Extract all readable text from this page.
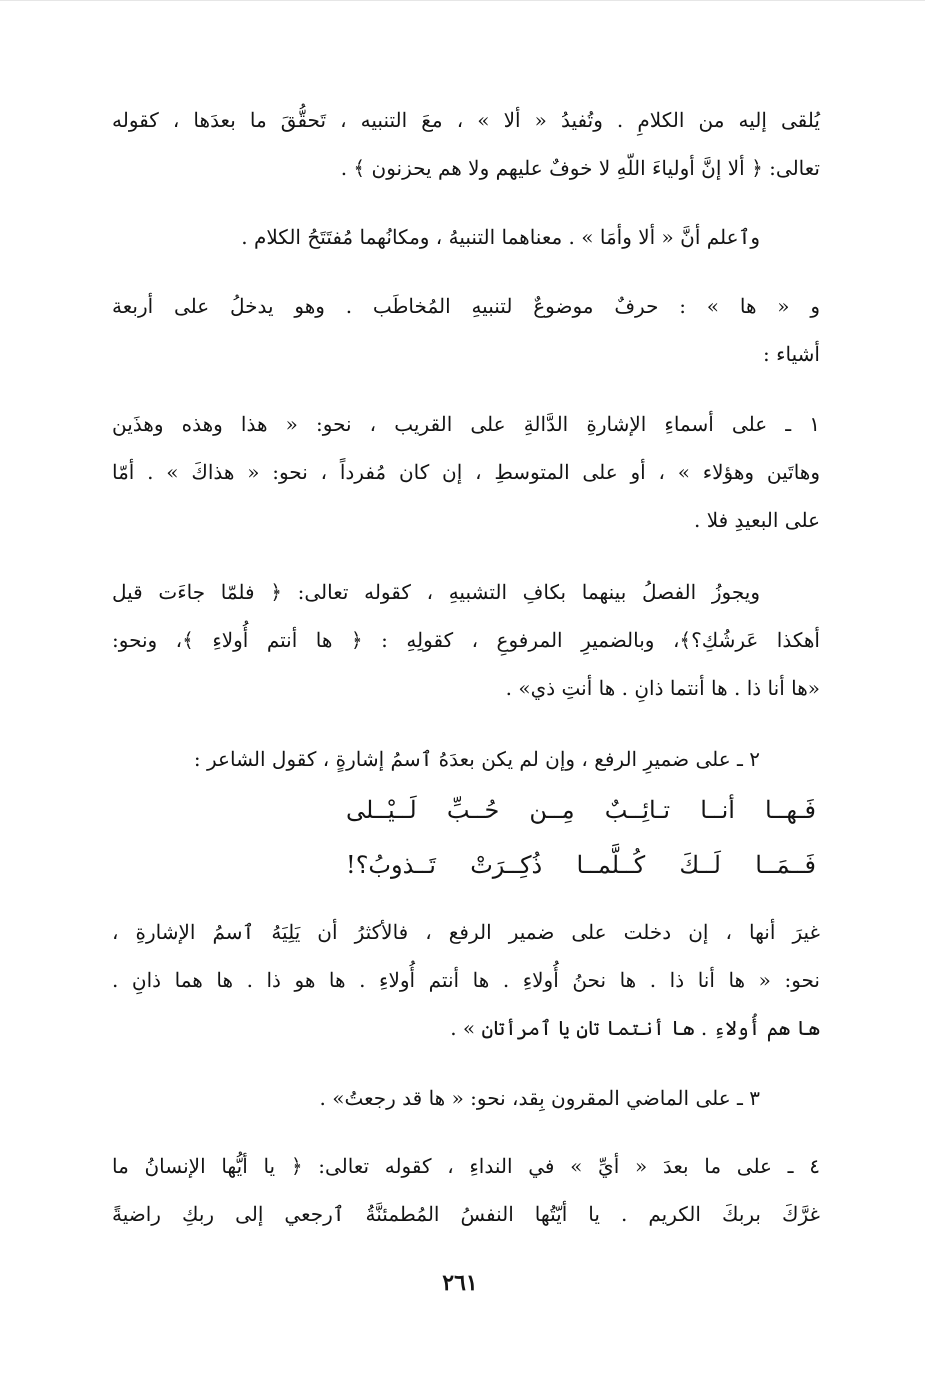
يُلقى إليه من الكلامِ . وتُفيدُ « ألا » ، معَ التنبيه ، تَحقُّقَ ما بعدَها ، كقوله
تعالى: ﴿ ألا إنَّ أولياءَ اللّهِ لا خوفٌ عليهم ولا هم يحزنون ﴾ .
وٱعلم أنَّ « ألا وأمَا » . معناهما التنبيهُ ، ومكانُهما مُفتَتَحُ الكلام .
و « ها » : حرفٌ موضوعٌ لتنبيهِ المُخاطَب . وهو يدخلُ على أربعة
أشياء :
١ ـ على أسماءِ الإشارةِ الدَّالةِ على القريب ، نحو: « هذا وهذه وهذَين
وهاتَين وهؤلاء » ، أو على المتوسطِ ، إن كان مُفرداً ، نحو: « هذاكَ » . أمّا
على البعيدِ فلا .
ويجوزُ الفصلُ بينهما بكافِ التشبيهِ ، كقوله تعالى: ﴿ فلمّا جاءَت قيل
أهكذا عَرشُكِ؟﴾، وبالضميرِ المرفوعِ ، كقولِهِ : ﴿ ها أنتم أُولاءِ ﴾، ونحو:
«ها أنا ذا . ها أنتما ذانِ . ها أنتِ ذي» .
٢ ـ على ضميرِ الرفع ، وإن لم يكن بعدَهُ ٱسمُ إشارةٍ ، كقول الشاعر :
فَـهــا
أنــا
تـائِــبٌ
مِــن
حُــبِّ
لَــيْــلى
فَــمَــا
لَــكَ
كُــلَّمــا
ذُكِــرَتْ
تَــذوبُ؟!
غيرَ أنها ، إن دخلت على ضمير الرفع ، فالأكثرُ أن يَلِيَهُ ٱسمُ الإشارةِ ،
نحو: « ها أنا ذا . ها نحنُ أُولاءِ . ها أنتم أُولاءِ . ها هو ذا . ها هما ذانِ .
ها هم أُولاءِ . ها أنتما تانِ يا ٱمرأتان » .
٣ ـ على الماضي المقرون بِقد، نحو: « ها قد رجعتُ» .
٤ ـ على ما بعدَ « أيِّ » في النداءِ ، كقوله تعالى: ﴿ يا أيُّها الإنسانُ ما
غرَّكَ بربكَ الكريم . يا أيّتُها النفسُ المُطمئنَّةُ ٱرجعي إلى ربكِ راضيةً
٢٦١
